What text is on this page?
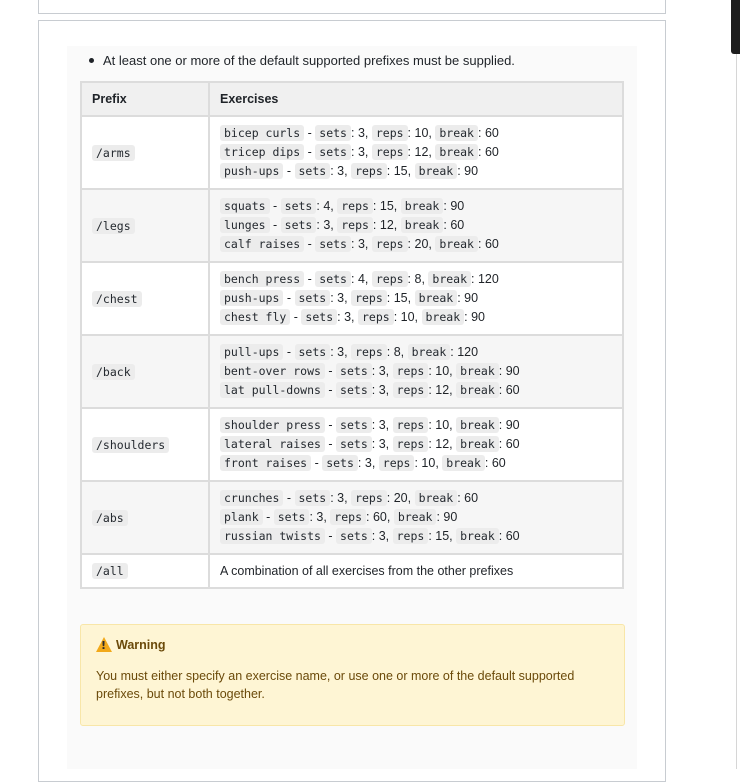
At least one or more of the default supported prefixes must be supplied.
Prefix	Exercises
/arms	bicep curls - sets : 3, reps : 10, break : 60
tricep dips - sets : 3, reps : 12, break : 60
push-ups - sets : 3, reps : 15, break : 90

/legs	squats - sets : 4, reps : 15, break : 90
lunges - sets : 3, reps : 12, break : 60
calf raises - sets : 3, reps : 20, break : 60

/chest	bench press - sets : 4, reps : 8, break : 120
push-ups - sets : 3, reps : 15, break : 90
chest fly - sets : 3, reps : 10, break : 90

/back	pull-ups - sets : 3, reps : 8, break : 120
bent-over rows - sets : 3, reps : 10, break : 90
lat pull-downs - sets : 3, reps : 12, break : 60

/shoulders	shoulder press - sets : 3, reps : 10, break : 90
lateral raises - sets : 3, reps : 12, break : 60
front raises - sets : 3, reps : 10, break : 60

/abs	crunches - sets : 3, reps : 20, break : 60
plank - sets : 3, reps : 60, break : 90
russian twists - sets : 3, reps : 15, break : 60

/all	A combination of all exercises from the other prefixes
!
Warning
You must either specify an exercise name, or use one or more of the default supported prefixes, but not both together.
